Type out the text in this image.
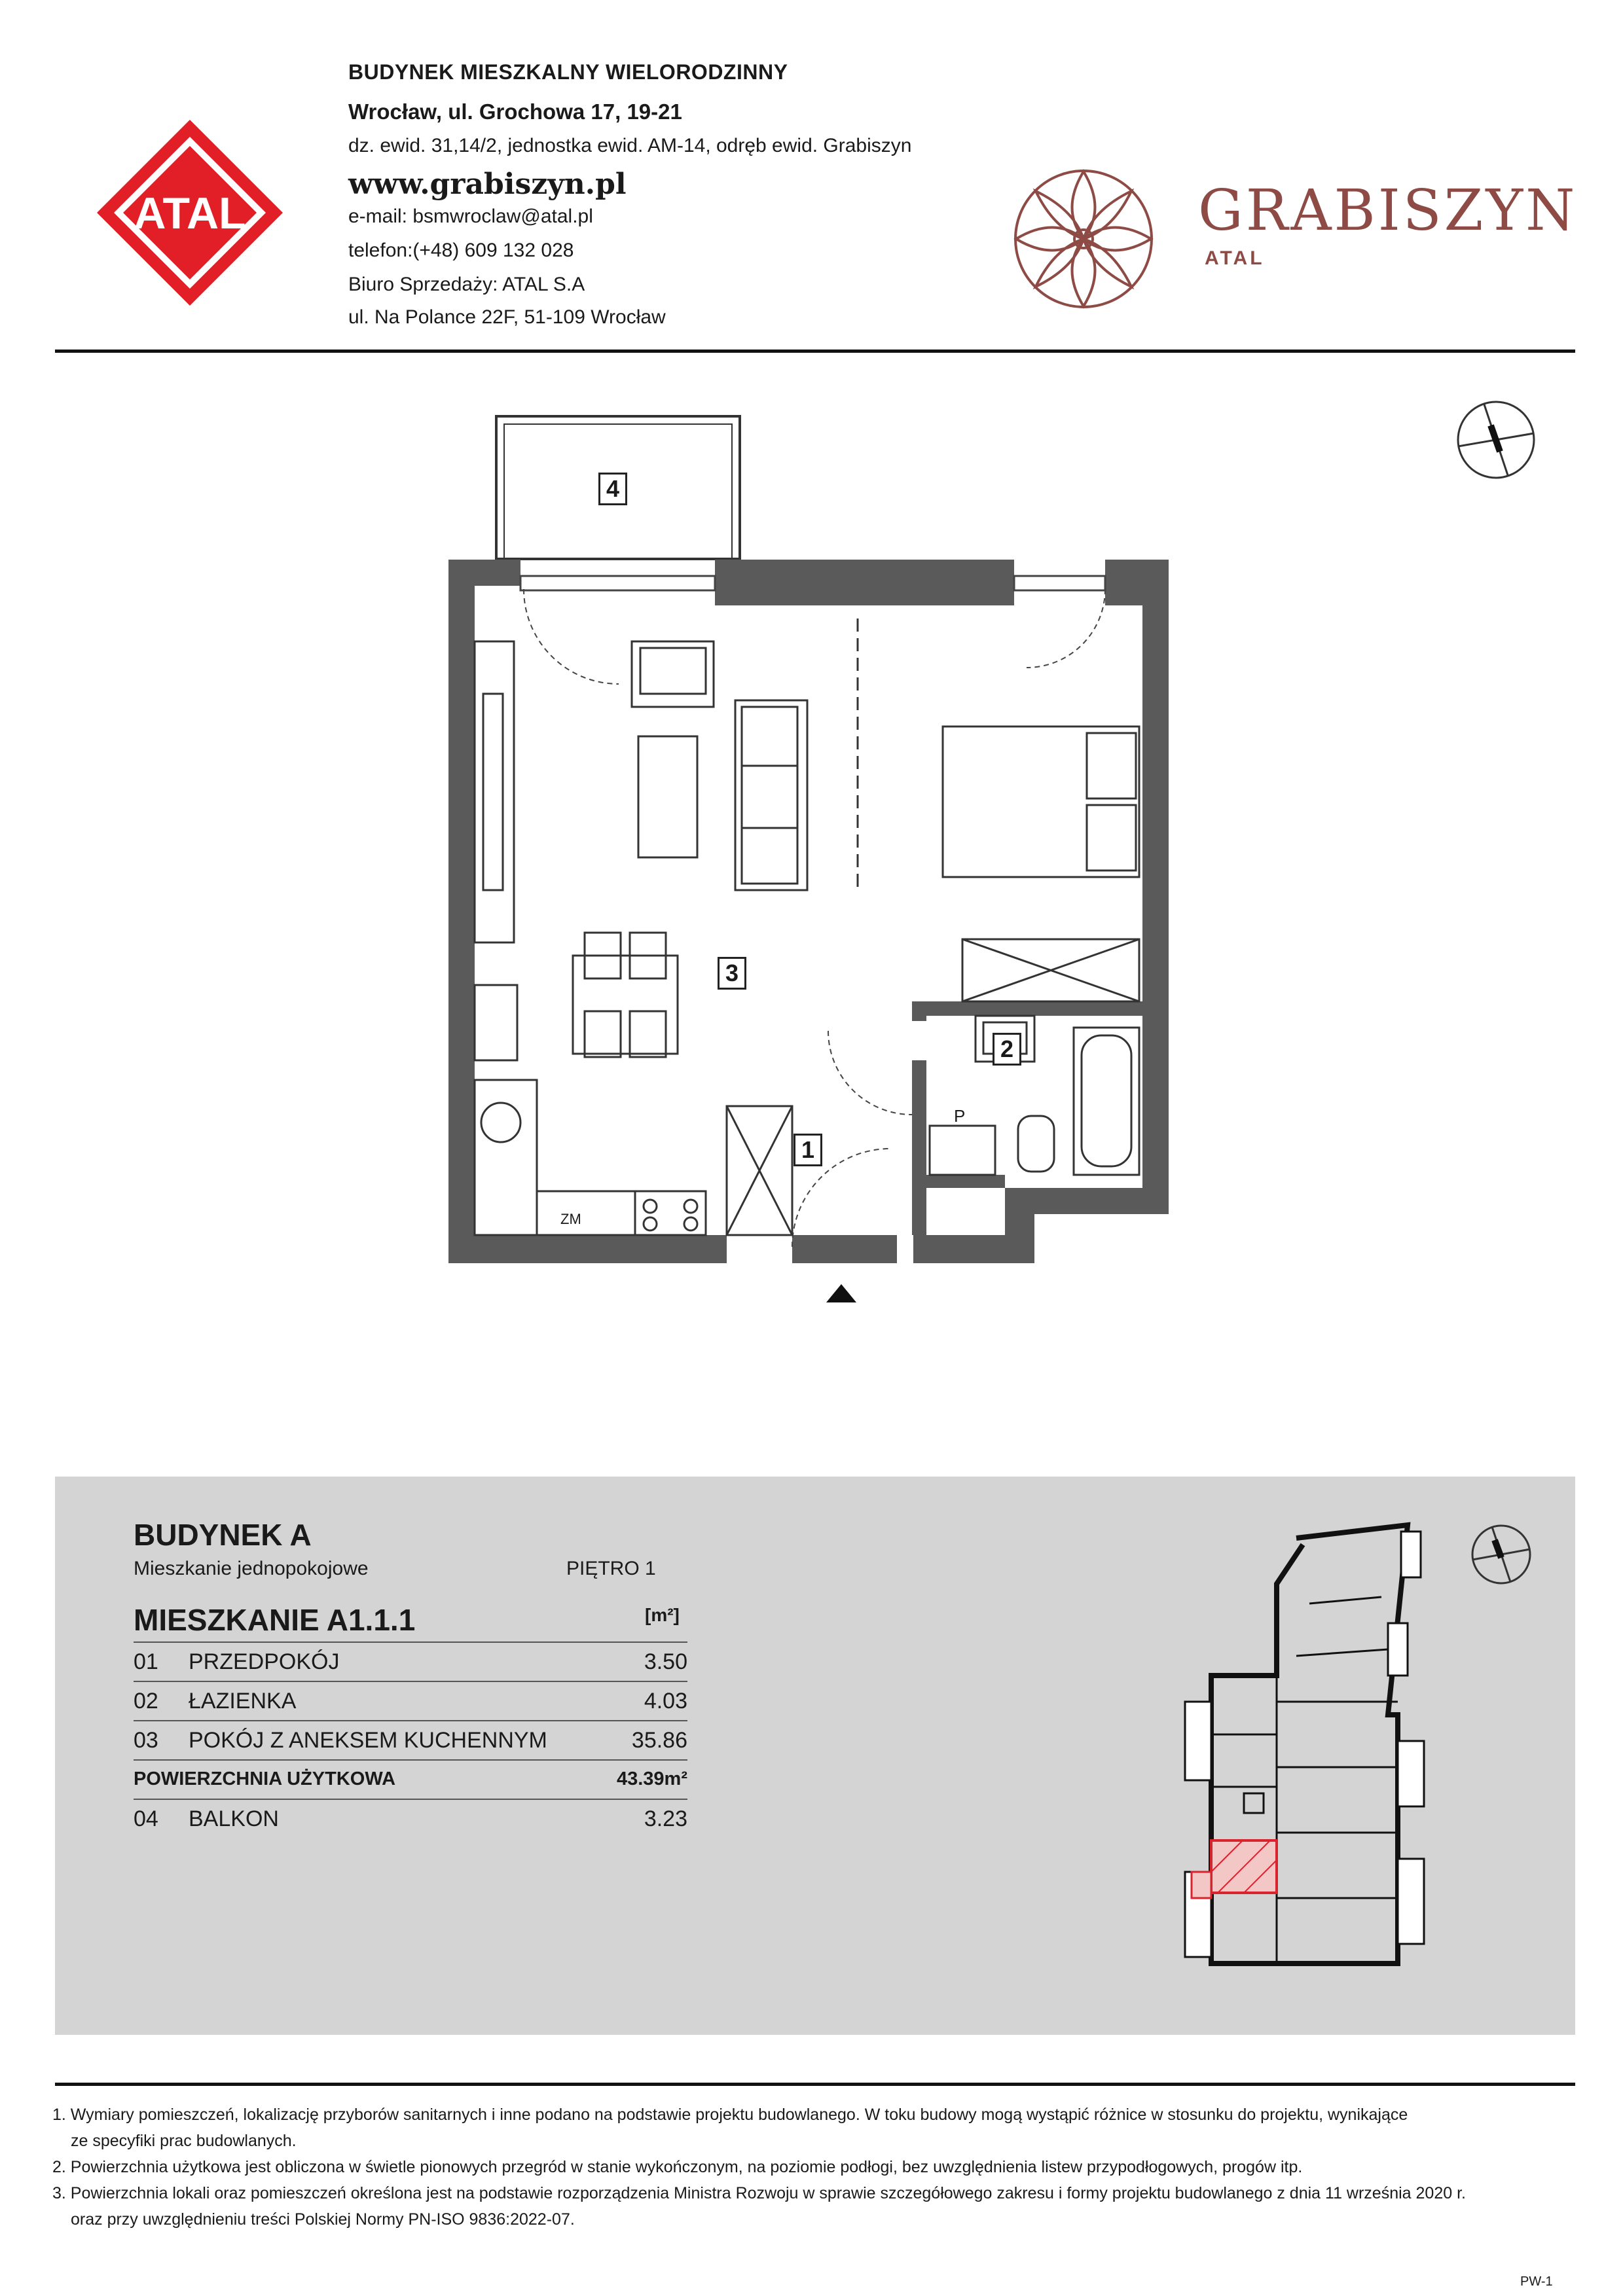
ATAL
BUDYNEK MIESZKALNY WIELORODZINNY
Wrocław, ul. Grochowa 17, 19-21
dz. ewid. 31,14/2, jednostka ewid. AM-14, odręb ewid. Grabiszyn
www.grabiszyn.pl
e-mail: bsmwroclaw@atal.pl
telefon:(+48) 609 132 028
Biuro Sprzedaży: ATAL S.A
ul. Na Polance 22F, 51-109 Wrocław
GRABISZYN
ATAL
4
3
2
1
P
ZM
BUDYNEK A
Mieszkanie jednopokojowe	PIĘTRO 1
MIESZKANIE A1.1.1	[m²]
01 PRZEDPOKÓJ	3.50
02 ŁAZIENKA	4.03
03 POKÓJ Z ANEKSEM KUCHENNYM	35.86
POWIERZCHNIA UŻYTKOWA	43.39m²
04 BALKON	3.23
1. Wymiary pomieszczeń, lokalizację przyborów sanitarnych i inne podano na podstawie projektu budowlanego. W toku budowy mogą wystąpić różnice w stosunku do projektu, wynikające
ze specyfiki prac budowlanych.
2. Powierzchnia użytkowa jest obliczona w świetle pionowych przegród w stanie wykończonym, na poziomie podłogi, bez uwzględnienia listew przypodłogowych, progów itp.
3. Powierzchnia lokali oraz pomieszczeń określona jest na podstawie rozporządzenia Ministra Rozwoju w sprawie szczegółowego zakresu i formy projektu budowlanego z dnia 11 września 2020 r.
oraz przy uwzględnieniu treści Polskiej Normy PN-ISO 9836:2022-07.
PW-1
